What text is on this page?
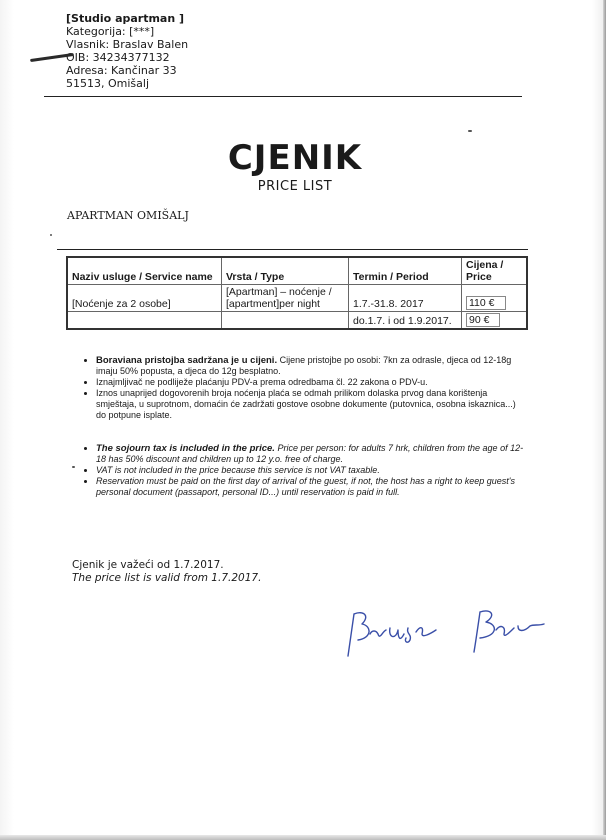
[Studio apartman ]
Kategorija: [***]
Vlasnik: Braslav Balen
OIB: 34234377132
Adresa: Kančinar 33
51513, Omišalj
CJENIK
PRICE LIST
APARTMAN OMIŠALJ
Naziv usluge / Service name	Vrsta / Type	Termin / Period	Cijena / Price
[Noćenje za 2 osobe]	[Apartman] – noćenje / [apartment]per night	1.7.-31.8. 2017	110 €
		do.1.7. i od 1.9.2017.	90 €
• Boraviana pristojba sadržana je u cijeni. Cijene pristojbe po osobi: 7kn za odrasle, djeca od 12-18g imaju 50% popusta, a djeca do 12g besplatno.
• Iznajmljivač ne podliježe plaćanju PDV-a prema odredbama čl. 22 zakona o PDV-u.
• Iznos unaprijed dogovorenih broja noćenja plaća se odmah prilikom dolaska prvog dana korištenja smještaja, u suprotnom, domaćin će zadržati gostove osobne dokumente (putovnica, osobna iskaznica...) do potpune isplate.
• The sojourn tax is included in the price. Price per person: for adults 7 hrk, children from the age of 12-18 has 50% discount and children up to 12 y.o. free of charge.
• VAT is not included in the price because this service is not VAT taxable.
• Reservation must be paid on the first day of arrival of the guest, if not, the host has a right to keep guest's personal document (passaport, personal ID...) until reservation is paid in full.
Cjenik je važeći od 1.7.2017.
The price list is valid from 1.7.2017.
